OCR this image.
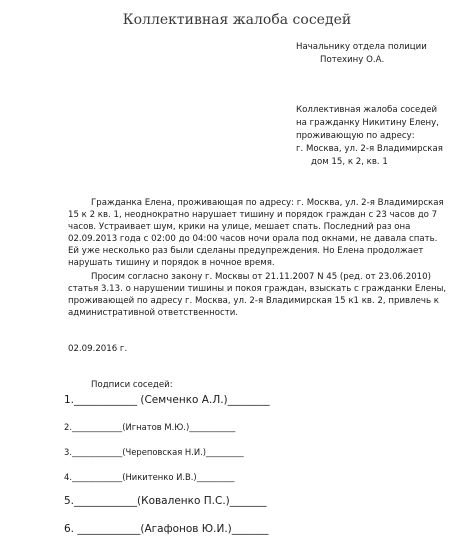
Коллективная жалоба соседей
Начальнику отдела полиции
Потехину О.А.
Коллективная жалоба соседей
на гражданку Никитину Елену,
проживающую по адресу:
г. Москва, ул. 2-я Владимирская
дом 15, к 2, кв. 1
Гражданка Елена, проживающая по адресу: г. Москва, ул. 2-я Владимирская
15 к 2 кв. 1, неоднократно нарушает тишину и порядок граждан с 23 часов до 7
часов. Устраивает шум, крики на улице, мешает спать. Последний раз она
02.09.2013 года с 02:00 до 04:00 часов ночи орала под окнами, не давала спать.
Ей уже несколько раз были сделаны предупреждения. Но Елена продолжает
нарушать тишину и порядок в ночное время.
Просим согласно закону г. Москвы от 21.11.2007 N 45 (ред. от 23.06.2010)
статья 3.13. о нарушении тишины и покоя граждан, взыскать с гражданки Елены,
проживающей по адресу г. Москва, ул. 2-я Владимирская 15 к1 кв. 2, привлечь к
административной ответственности.
02.09.2016 г.
Подписи соседей:
1.____________ (Семченко А.Л.)________
2.____________(Игнатов М.Ю.)___________
3.____________(Череповская Н.И.)_________
4.____________(Никитенко И.В.)_________
5.____________(Коваленко П.С.)_______
6. ____________(Агафонов Ю.И.)_______
